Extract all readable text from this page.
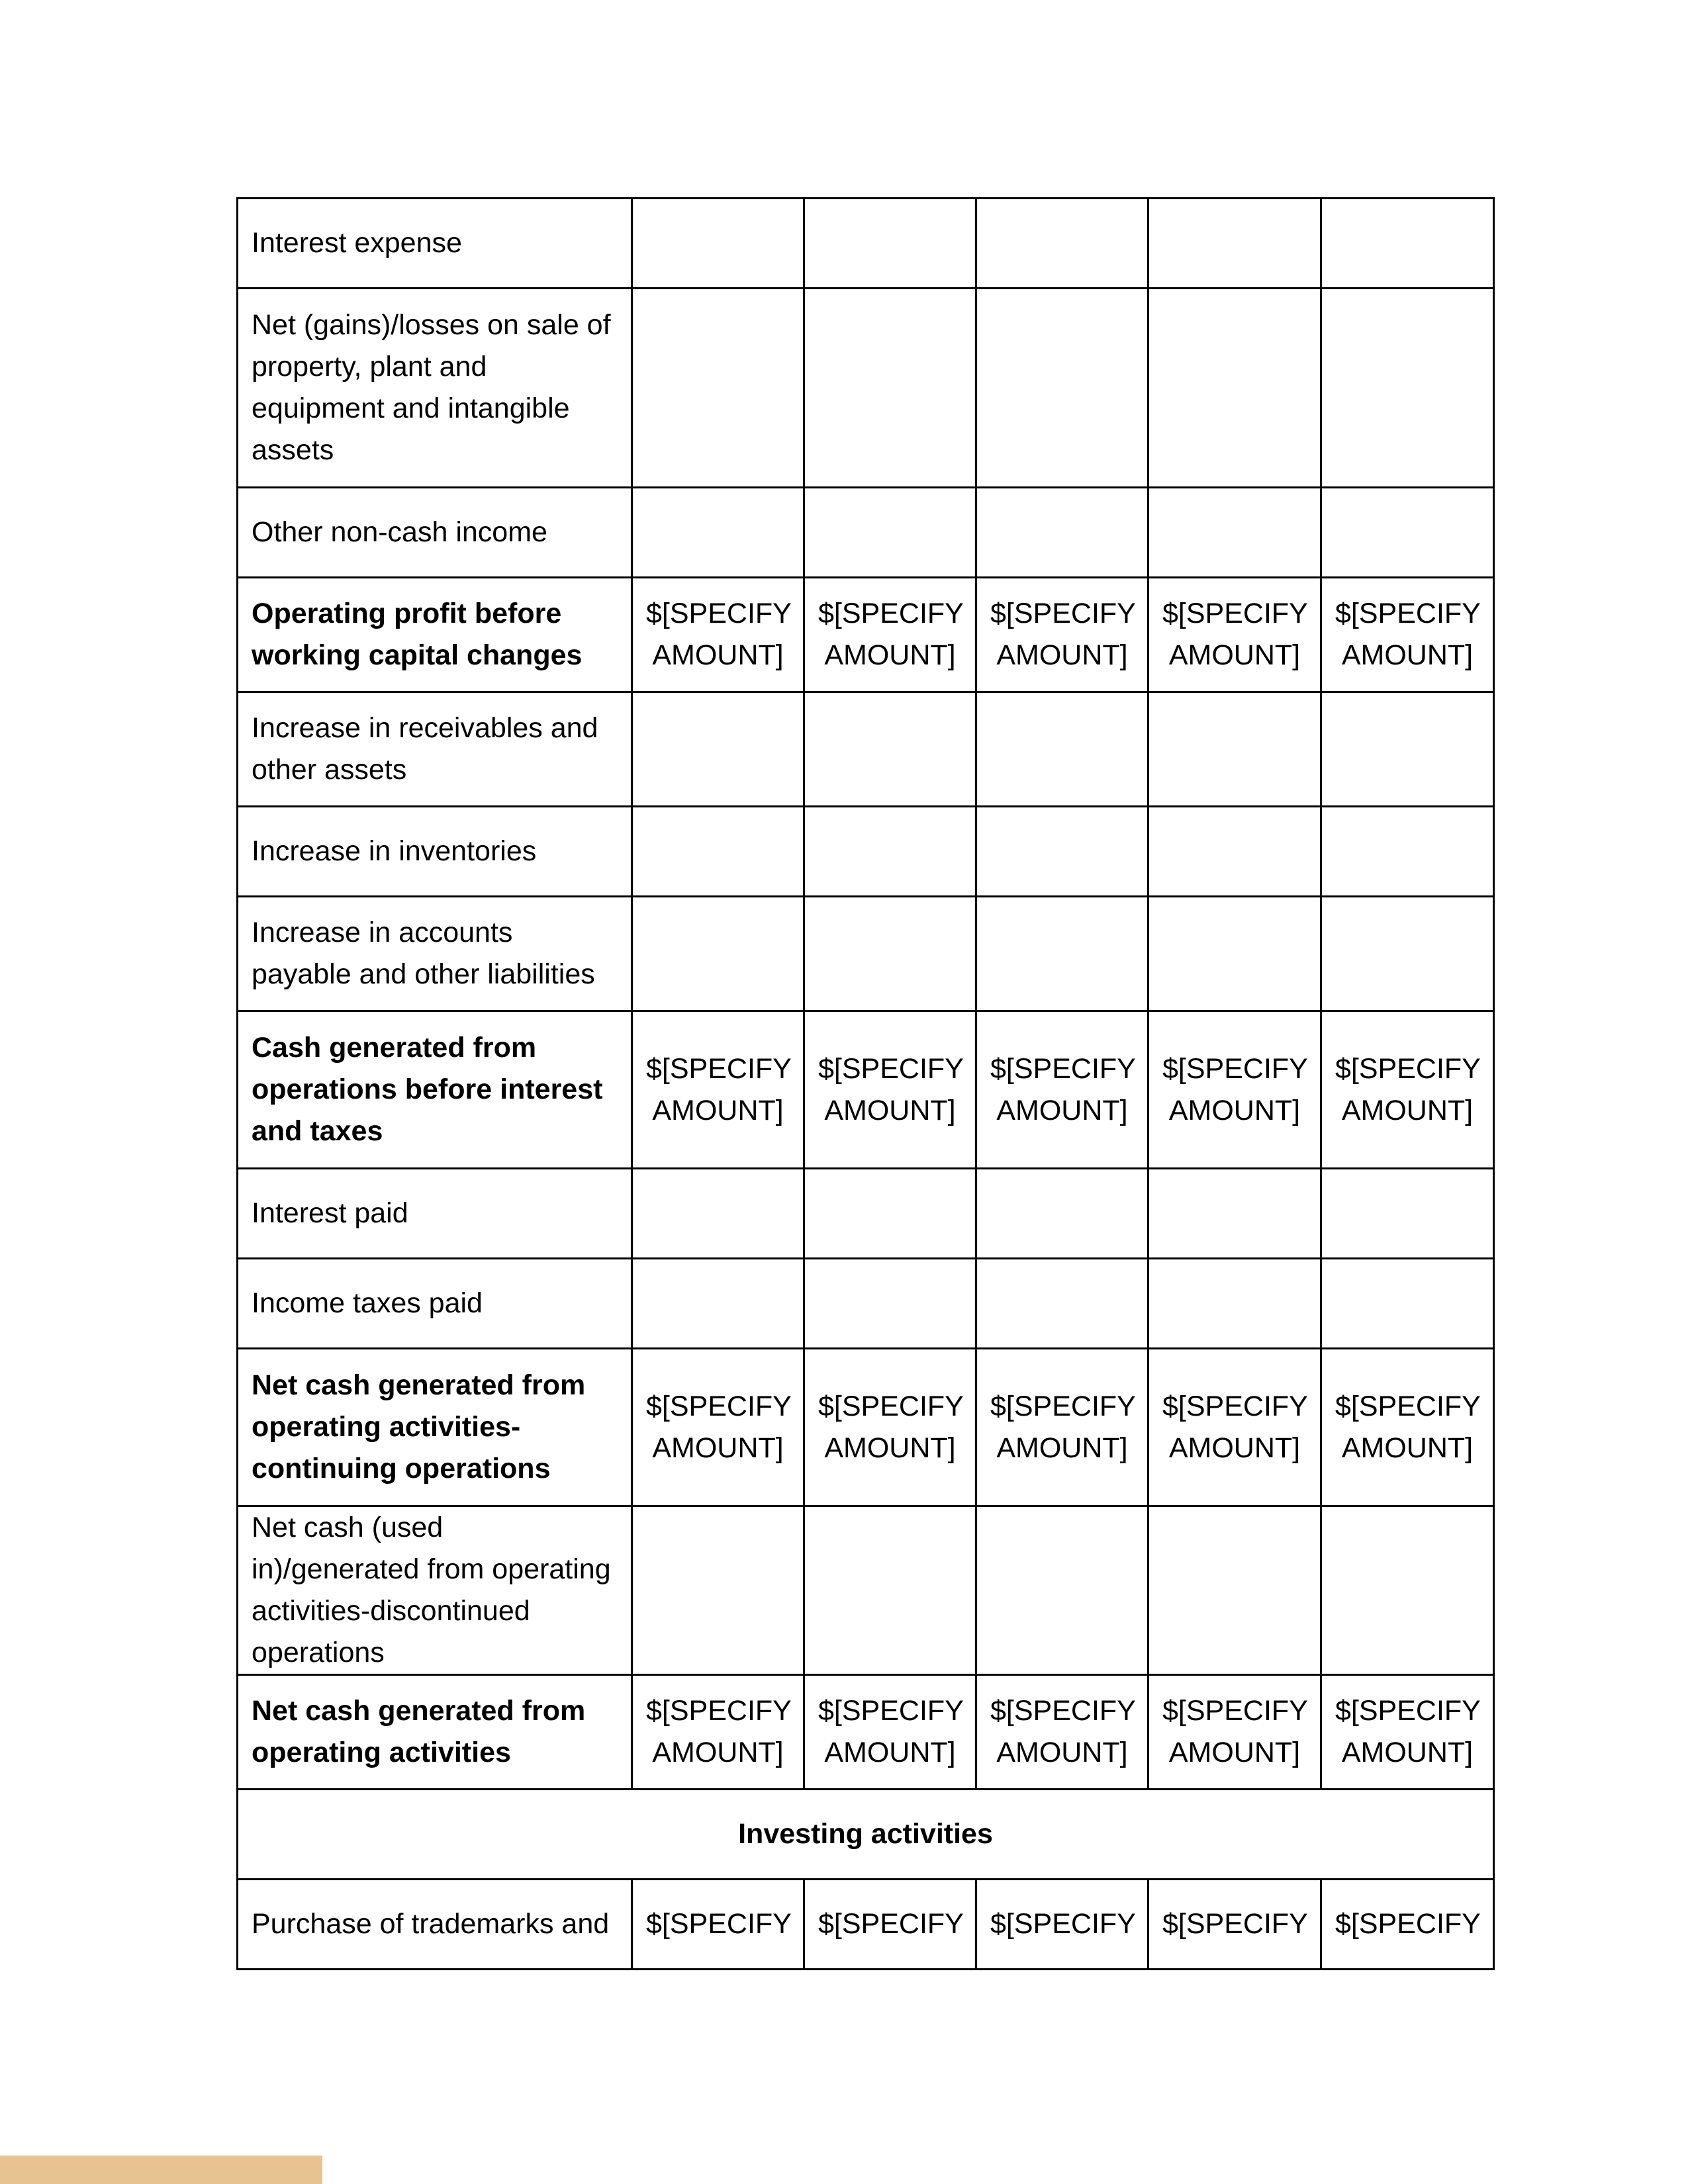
Interest expense					
Net (gains)/losses on sale of property, plant and equipment and intangible assets					
Other non-cash income					
Operating profit before working capital changes	$[SPECIFY AMOUNT]	$[SPECIFY AMOUNT]	$[SPECIFY AMOUNT]	$[SPECIFY AMOUNT]	$[SPECIFY AMOUNT]
Increase in receivables and other assets					
Increase in inventories					
Increase in accounts payable and other liabilities					
Cash generated from operations before interest and taxes	$[SPECIFY AMOUNT]	$[SPECIFY AMOUNT]	$[SPECIFY AMOUNT]	$[SPECIFY AMOUNT]	$[SPECIFY AMOUNT]
Interest paid					
Income taxes paid					
Net cash generated from operating activities-continuing operations	$[SPECIFY AMOUNT]	$[SPECIFY AMOUNT]	$[SPECIFY AMOUNT]	$[SPECIFY AMOUNT]	$[SPECIFY AMOUNT]
Net cash (used in)/generated from operating activities-discontinued operations					
Net cash generated from operating activities	$[SPECIFY AMOUNT]	$[SPECIFY AMOUNT]	$[SPECIFY AMOUNT]	$[SPECIFY AMOUNT]	$[SPECIFY AMOUNT]
Investing activities					
Purchase of trademarks and	$[SPECIFY	$[SPECIFY	$[SPECIFY	$[SPECIFY	$[SPECIFY
